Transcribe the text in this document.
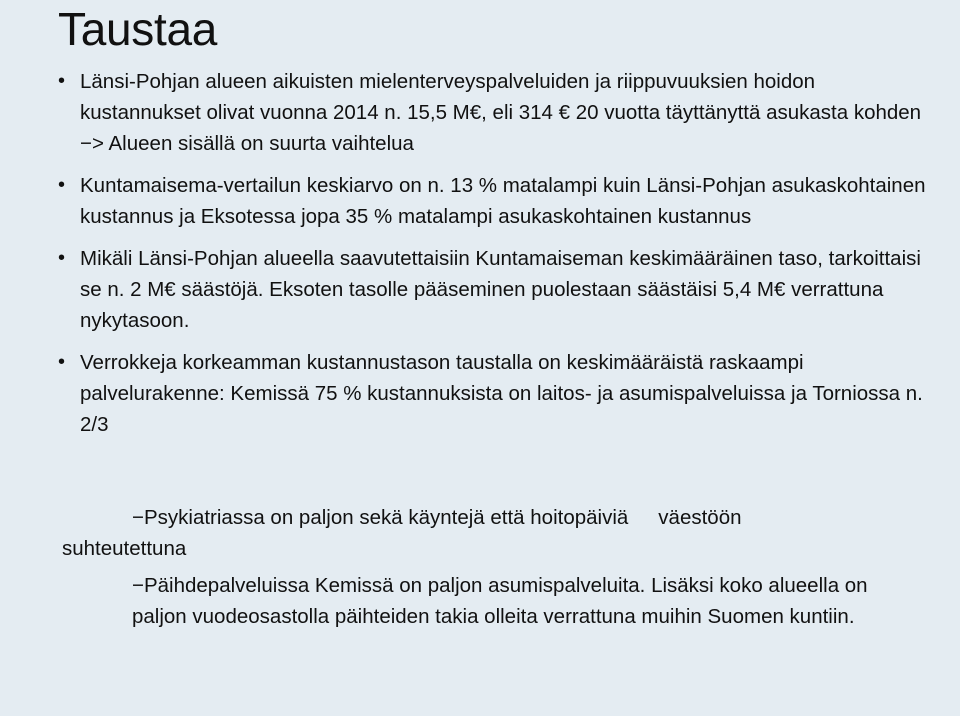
Taustaa
• Länsi-Pohjan alueen aikuisten mielenterveyspalveluiden ja riippuvuuksien hoidon kustannukset olivat vuonna 2014 n. 15,5 M€, eli 314 € 20 vuotta täyttänyttä asukasta kohden −> Alueen sisällä on suurta vaihtelua
• Kuntamaisema-vertailun keskiarvo on n. 13 % matalampi kuin Länsi-Pohjan asukaskohtainen kustannus ja Eksotessa jopa 35 % matalampi asukaskohtainen kustannus
• Mikäli Länsi-Pohjan alueella saavutettaisiin Kuntamaiseman keskimääräinen taso, tarkoittaisi se n. 2 M€ säästöjä. Eksoten tasolle pääseminen puolestaan säästäisi 5,4 M€ verrattuna nykytasoon.
• Verrokkeja korkeamman kustannustason taustalla on keskimääräistä raskaampi palvelurakenne: Kemissä 75 % kustannuksista on laitos- ja asumispalveluissa ja Torniossa n. 2/3
−Psykiatriassa on paljon sekä käyntejä että hoitopäiviä väestöön
suhteutettuna
−Päihdepalveluissa Kemissä on paljon asumispalveluita. Lisäksi koko alueella on paljon vuodeosastolla päihteiden takia olleita verrattuna muihin Suomen kuntiin.
